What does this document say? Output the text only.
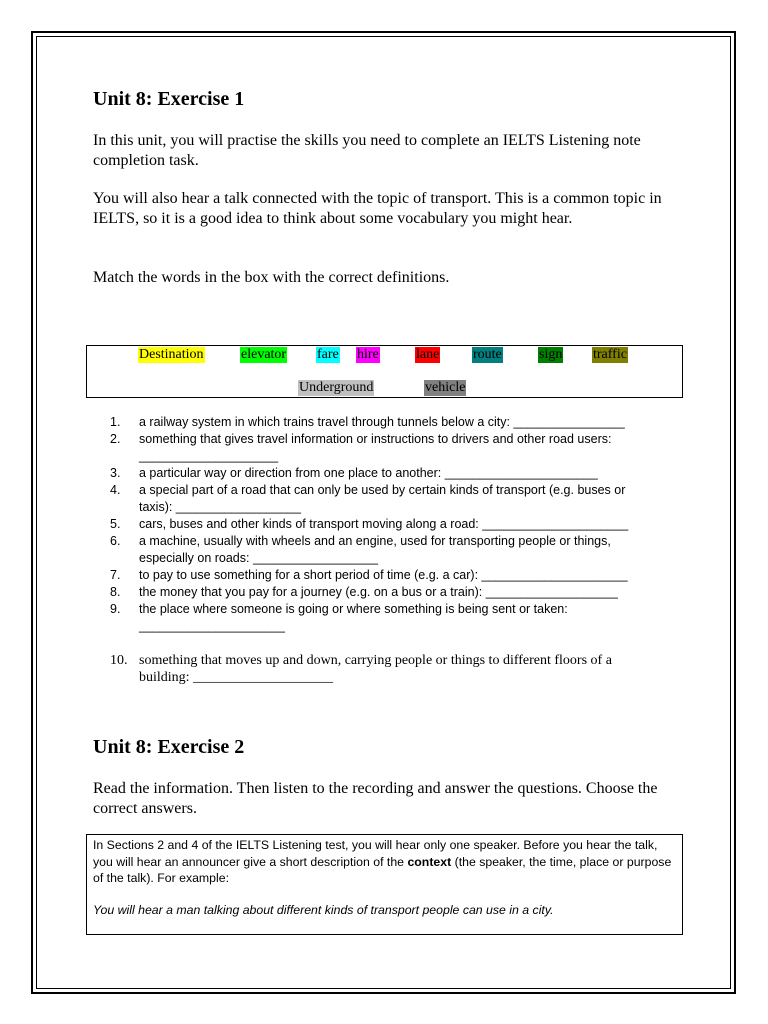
Unit 8: Exercise 1

In this unit, you will practise the skills you need to complete an IELTS Listening note completion task.

You will also hear a talk connected with the topic of transport. This is a common topic in IELTS, so it is a good idea to think about some vocabulary you might hear.

Match the words in the box with the correct definitions.

Destination	elevator fare hire	lane route	sign traffic
Underground	vehicle
1.	a railway system in which trains travel through tunnels below a city: ________________
2.	something that gives travel information or instructions to drivers and other road users:
____________________
3.	a particular way or direction from one place to another: ______________________
4.	a special part of a road that can only be used by certain kinds of transport (e.g. buses or
taxis): __________________
5.	cars, buses and other kinds of transport moving along a road: _____________________
6.	a machine, usually with wheels and an engine, used for transporting people or things,
especially on roads: __________________
7.	to pay to use something for a short period of time (e.g. a car): _____________________
8.	the money that you pay for a journey (e.g. on a bus or a train): ___________________
9.	the place where someone is going or where something is being sent or taken:
_____________________
10. something that moves up and down, carrying people or things to different floors of a
building: ____________________
Unit 8: Exercise 2

Read the information. Then listen to the recording and answer the questions. Choose the correct answers.

In Sections 2 and 4 of the IELTS Listening test, you will hear only one speaker. Before you hear the talk, you will hear an announcer give a short description of the context (the speaker, the time, place or purpose of the talk). For example:

You will hear a man talking about different kinds of transport people can use in a city.
